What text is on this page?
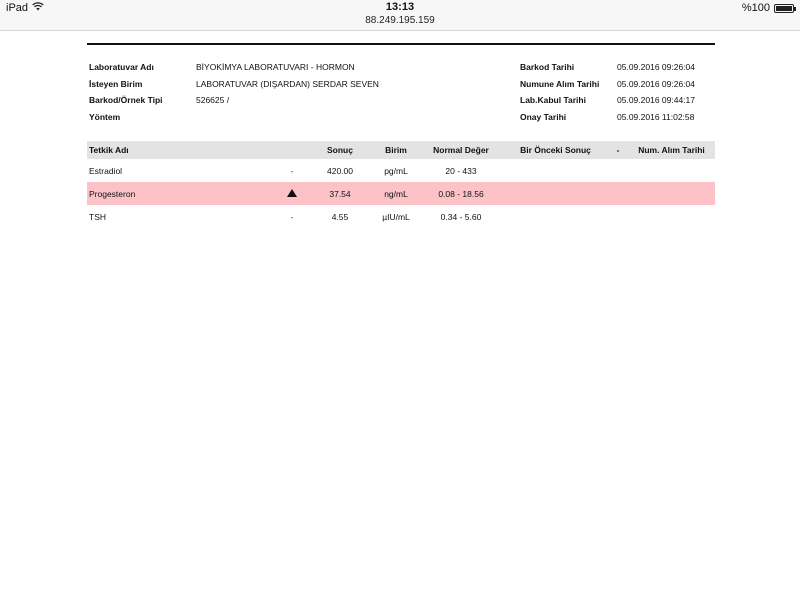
iPad	13:13
88.249.195.159
%100
Laboratuvar Adı	BİYOKİMYA LABORATUVARI - HORMON
İsteyen Birim	LABORATUVAR (DIŞARDAN) SERDAR SEVEN
Barkod/Örnek Tipi	526625 /
Yöntem
Barkod Tarihi	05.09.2016 09:26:04
Numune Alım Tarihi 05.09.2016 09:26:04
Lab.Kabul Tarihi	05.09.2016 09:44:17
Onay Tarihi	05.09.2016 11:02:58
Tetkik Adı		Sonuç	Birim	Normal Değer	Bir Önceki Sonuç	-	Num. Alım Tarihi
Estradiol	-	420.00	pg/mL	20 - 433			
Progesteron		37.54	ng/mL	0.08 - 18.56			
TSH	-	4.55	µIU/mL	0.34 - 5.60			
